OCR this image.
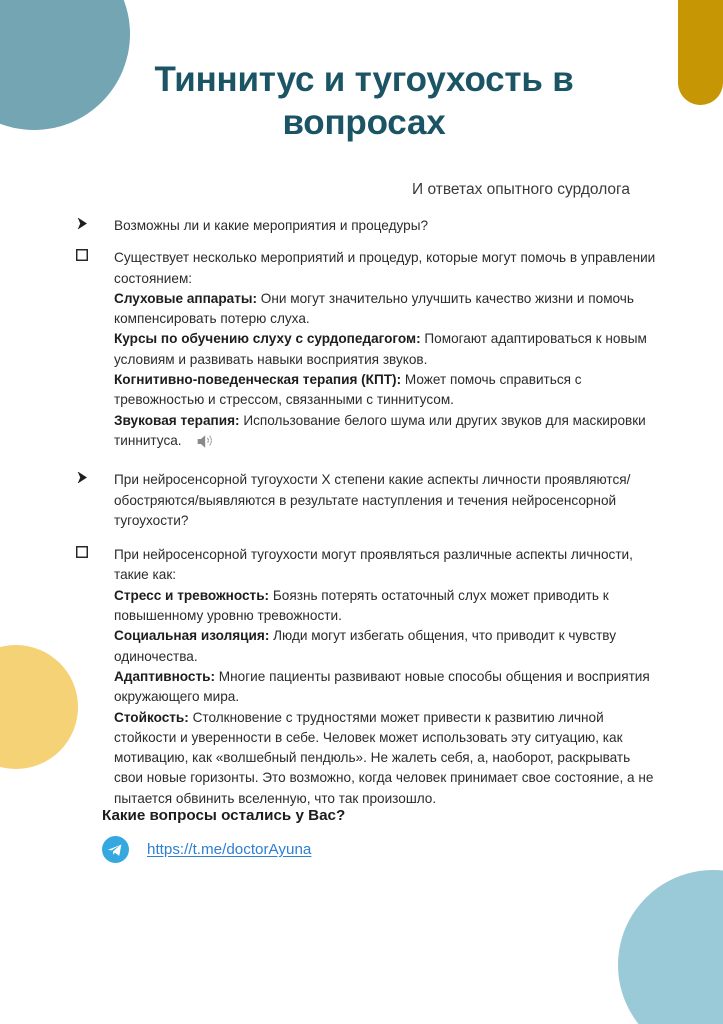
Тиннитус и тугоухость в вопросах
И ответах опытного сурдолога
Возможны ли и какие мероприятия и процедуры?
Существует несколько мероприятий и процедур, которые могут помочь в управлении состоянием:
Слуховые аппараты: Они могут значительно улучшить качество жизни и помочь компенсировать потерю слуха.
Курсы по обучению слуху с сурдопедагогом: Помогают адаптироваться к новым условиям и развивать навыки восприятия звуков.
Когнитивно-поведенческая терапия (КПТ): Может помочь справиться с тревожностью и стрессом, связанными с тиннитусом.
Звуковая терапия: Использование белого шума или других звуков для маскировки тиннитуса.
При нейросенсорной тугоухости Х степени какие аспекты личности проявляются/обостряются/выявляются в результате наступления и течения нейросенсорной тугоухости?
При нейросенсорной тугоухости могут проявляться различные аспекты личности, такие как:
Стресс и тревожность: Боязнь потерять остаточный слух может приводить к повышенному уровню тревожности.
Социальная изоляция: Люди могут избегать общения, что приводит к чувству одиночества.
Адаптивность: Многие пациенты развивают новые способы общения и восприятия окружающего мира.
Стойкость: Столкновение с трудностями может привести к развитию личной стойкости и уверенности в себе. Человек может использовать эту ситуацию, как мотивацию, как «волшебный пендюль». Не жалеть себя, а, наоборот, раскрывать свои новые горизонты. Это возможно, когда человек принимает свое состояние, а не пытается обвинить вселенную, что так произошло.
Какие вопросы остались у Вас?
https://t.me/doctorAyuna
